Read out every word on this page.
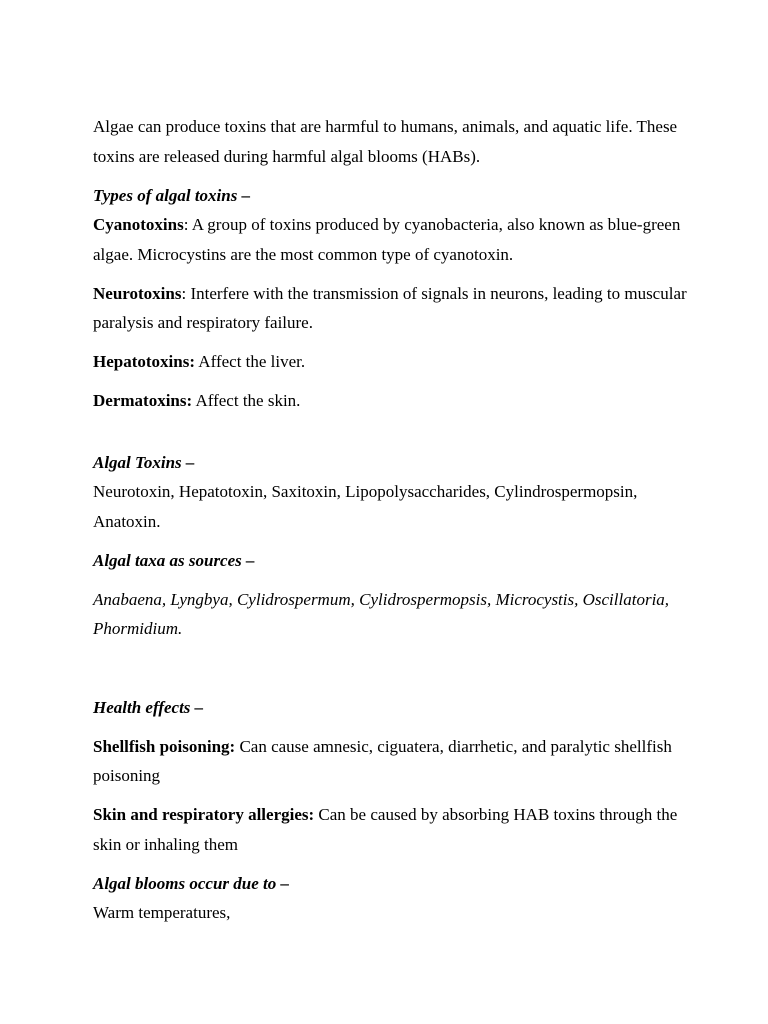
Algae can produce toxins that are harmful to humans, animals, and aquatic life. These toxins are released during harmful algal blooms (HABs).

Types of algal toxins –

Cyanotoxins: A group of toxins produced by cyanobacteria, also known as blue-green algae. Microcystins are the most common type of cyanotoxin.

Neurotoxins: Interfere with the transmission of signals in neurons, leading to muscular paralysis and respiratory failure.

Hepatotoxins: Affect the liver.

Dermatoxins: Affect the skin.

Algal Toxins –

Neurotoxin, Hepatotoxin, Saxitoxin, Lipopolysaccharides, Cylindrospermopsin, Anatoxin.

Algal taxa as sources –

Anabaena, Lyngbya, Cylidrospermum, Cylidrospermopsis, Microcystis, Oscillatoria, Phormidium.

Health effects –

Shellfish poisoning: Can cause amnesic, ciguatera, diarrhetic, and paralytic shellfish poisoning

Skin and respiratory allergies: Can be caused by absorbing HAB toxins through the skin or inhaling them

Algal blooms occur due to –

Warm temperatures,
